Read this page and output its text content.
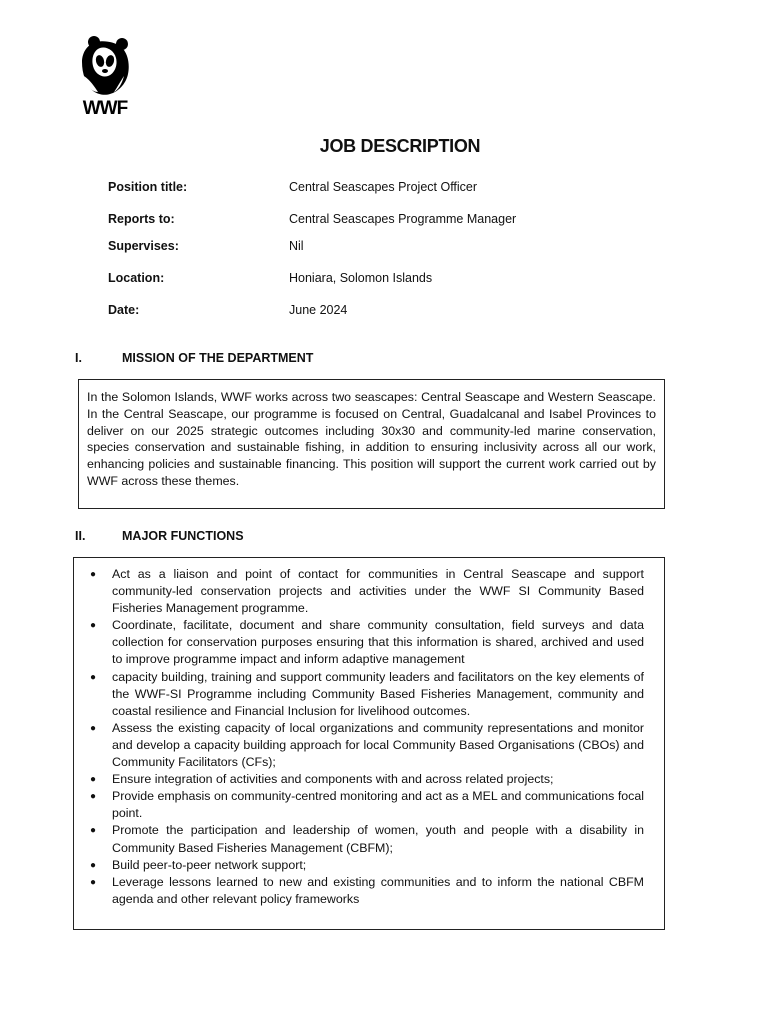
WWF
JOB DESCRIPTION
Position title:	Central Seascapes Project Officer
Reports to:	Central Seascapes Programme Manager
Supervises:	Nil
Location:	Honiara, Solomon Islands
Date:	June 2024
I.	MISSION OF THE DEPARTMENT

In the Solomon Islands, WWF works across two seascapes: Central Seascape and Western Seascape. In the Central Seascape, our programme is focused on Central, Guadalcanal and Isabel Provinces to deliver on our 2025 strategic outcomes including 30x30 and community-led marine conservation, species conservation and sustainable fishing, in addition to ensuring inclusivity across all our work, enhancing policies and sustainable financing. This position will support the current work carried out by WWF across these themes.

II.	MAJOR FUNCTIONS
● Act as a liaison and point of contact for communities in Central Seascape and support community-led conservation projects and activities under the WWF SI Community Based Fisheries Management programme.
● Coordinate, facilitate, document and share community consultation, field surveys and data collection for conservation purposes ensuring that this information is shared, archived and used to improve programme impact and inform adaptive management
● capacity building, training and support community leaders and facilitators on the key elements of the WWF-SI Programme including Community Based Fisheries Management, community and coastal resilience and Financial Inclusion for livelihood outcomes.
● Assess the existing capacity of local organizations and community representations and monitor and develop a capacity building approach for local Community Based Organisations (CBOs) and Community Facilitators (CFs);
● Ensure integration of activities and components with and across related projects;
● Provide emphasis on community-centred monitoring and act as a MEL and communications focal point.
● Promote the participation and leadership of women, youth and people with a disability in Community Based Fisheries Management (CBFM);
● Build peer-to-peer network support;
● Leverage lessons learned to new and existing communities and to inform the national CBFM agenda and other relevant policy frameworks
